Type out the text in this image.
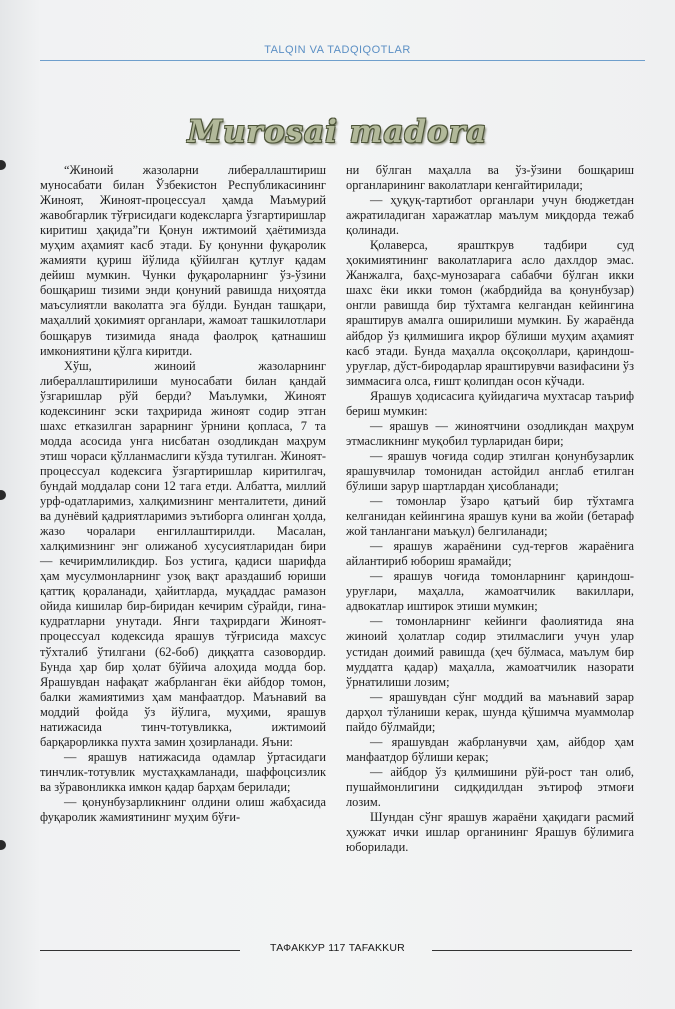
TALQIN VA TADQIQOTLAR
Murosai madora

“Жиноий жазоларни либераллаштириш муносабати билан Ўзбекистон Республикасининг Жиноят, Жиноят-процессуал ҳамда Маъмурий жавобгарлик тўғрисидаги кодексларга ўзгартиришлар киритиш ҳақида”ги Қонун ижтимоий ҳаётимизда муҳим аҳамият касб этади. Бу қонунни фуқаролик жамияти қуриш йўлида қўйилган қутлуғ қадам дейиш мумкин. Чунки фуқароларнинг ўз-ўзини бошқариш тизими энди қонуний равишда ниҳоятда маъсулиятли ваколатга эга бўлди. Бундан ташқари, маҳаллий ҳокимият органлари, жамоат ташкилотлари бошқарув тизимида янада фаолроқ қатнашиш имкониятини қўлга киритди.

Хўш, жиноий жазоларнинг либераллаштирилиши муносабати билан қандай ўзгаришлар рўй берди? Маълумки, Жиноят кодексининг эски таҳририда жиноят содир этган шахс етказилган зарарнинг ўрнини қопласа, 7 та модда асосида унга нисбатан озодликдан маҳрум этиш чораси қўлланмаслиги кўзда тутилган. Жиноят-процессуал кодексига ўзгартиришлар киритилгач, бундай моддалар сони 12 тага етди. Албатта, миллий урф-одатларимиз, халқимизнинг менталитети, диний ва дунёвий қадриятларимиз эътиборга олинган ҳолда, жазо чоралари енгиллаштирилди. Масалан, халқимизнинг энг олижаноб хусусиятларидан бири — кечиримлиликдир. Боз устига, қадиси шарифда ҳам мусулмонларнинг узоқ вақт араздашиб юриши қаттиқ қораланади, ҳайитларда, муқаддас рамазон ойида кишилар бир-биридан кечирим сўрайди, гина-кудратларни унутади. Янги таҳрирдаги Жиноят-процессуал кодексида ярашув тўғрисида махсус тўхталиб ўтилгани (62-боб) диққатга сазовордир. Бунда ҳар бир ҳолат бўйича алоҳида модда бор. Ярашувдан нафақат жабрланган ёки айбдор томон, балки жамиятимиз ҳам манфаатдор. Маънавий ва моддий фойда ўз йўлига, муҳими, ярашув натижасида тинч-тотувликка, ижтимоий барқарорликка пухта замин ҳозирланади. Яъни:

— ярашув натижасида одамлар ўртасидаги тинчлик-тотувлик мустаҳкамланади, шаффоцсизлик ва зўравонликка имкон қадар барҳам берилади;

— қонунбузарликнинг олдини олиш жабҳасида фуқаролик жамиятининг муҳим бўғи-

ни бўлган маҳалла ва ўз-ўзини бошқариш органларининг ваколатлари кенгайтирилади;

— ҳуқуқ-тартибот органлари учун бюджетдан ажратиладиган харажатлар маълум миқдорда тежаб қолинади.

Қолаверса, ярашткрув тадбири суд ҳокимиятининг ваколатларига асло дахлдор эмас. Жанжалга, баҳс-мунозарага сабабчи бўлган икки шахс ёки икки томон (жабрдийда ва қонунбузар) онгли равишда бир тўхтамга келгандан кейингина яраштирув амалга оширилиши мумкин. Бу жараёнда айбдор ўз қилмишига иқрор бўлиши муҳим аҳамият касб этади. Бунда маҳалла оқсоқоллари, қариндош-уруғлар, дўст-биродарлар яраштирувчи вазифасини ўз зиммасига олса, ғишт қолипдан осон кўчади.

Ярашув ҳодисасига қуйидагича мухтасар таъриф бериш мумкин:

— ярашув — жиноятчини озодликдан маҳрум этмасликнинг муқобил турларидан бири;

— ярашув чоғида содир этилган қонунбузарлик ярашувчилар томонидан астойдил англаб етилган бўлиши зарур шартлардан ҳисобланади;

— томонлар ўзаро қатъий бир тўхтамга келганидан кейингина ярашув куни ва жойи (бетараф жой танлангани маъқул) белгиланади;

— ярашув жараёнини суд-терғов жараёнига айлантириб юбориш ярамайди;

— ярашув чоғида томонларнинг қариндош-уруғлари, маҳалла, жамоатчилик вакиллари, адвокатлар иштирок этиши мумкин;

— томонларнинг кейинги фаолиятида яна жиноий ҳолатлар содир этилмаслиги учун улар устидан доимий равишда (ҳеч бўлмаса, маълум бир муддатга қадар) маҳалла, жамоатчилик назорати ўрнатилиши лозим;

— ярашувдан сўнг моддий ва маънавий зарар дарҳол тўланиши керак, шунда қўшимча муаммолар пайдо бўлмайди;

— ярашувдан жабрланувчи ҳам, айбдор ҳам манфаатдор бўлиши керак;

— айбдор ўз қилмишини рўй-рост тан олиб, пушаймонлигини сидқидилдан эътироф этмоғи лозим.

Шундан сўнг ярашув жараёни ҳақидаги расмий ҳужжат ички ишлар органининг Ярашув бўлимига юборилади.

ТАФАККУР 117 TAFAKKUR
